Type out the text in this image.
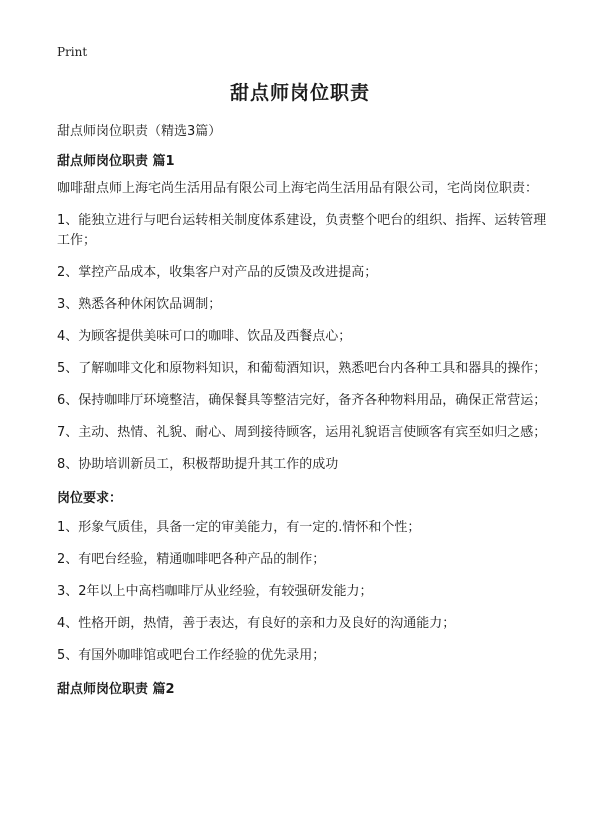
Print
甜点师岗位职责
甜点师岗位职责（精选3篇）

甜点师岗位职责 篇1

咖啡甜点师上海宅尚生活用品有限公司上海宅尚生活用品有限公司，宅尚岗位职责：

1、能独立进行与吧台运转相关制度体系建设，负责整个吧台的组织、指挥、运转管理工作；

2、掌控产品成本，收集客户对产品的反馈及改进提高；

3、熟悉各种休闲饮品调制；

4、为顾客提供美味可口的咖啡、饮品及西餐点心；

5、了解咖啡文化和原物料知识，和葡萄酒知识，熟悉吧台内各种工具和器具的操作；

6、保持咖啡厅环境整洁，确保餐具等整洁完好，备齐各种物料用品，确保正常营运；

7、主动、热情、礼貌、耐心、周到接待顾客，运用礼貌语言使顾客有宾至如归之感；

8、协助培训新员工，积极帮助提升其工作的成功

岗位要求：

1、形象气质佳，具备一定的审美能力，有一定的.情怀和个性；

2、有吧台经验，精通咖啡吧各种产品的制作；

3、2年以上中高档咖啡厅从业经验，有较强研发能力；

4、性格开朗，热情，善于表达，有良好的亲和力及良好的沟通能力；

5、有国外咖啡馆或吧台工作经验的优先录用；

甜点师岗位职责 篇2
